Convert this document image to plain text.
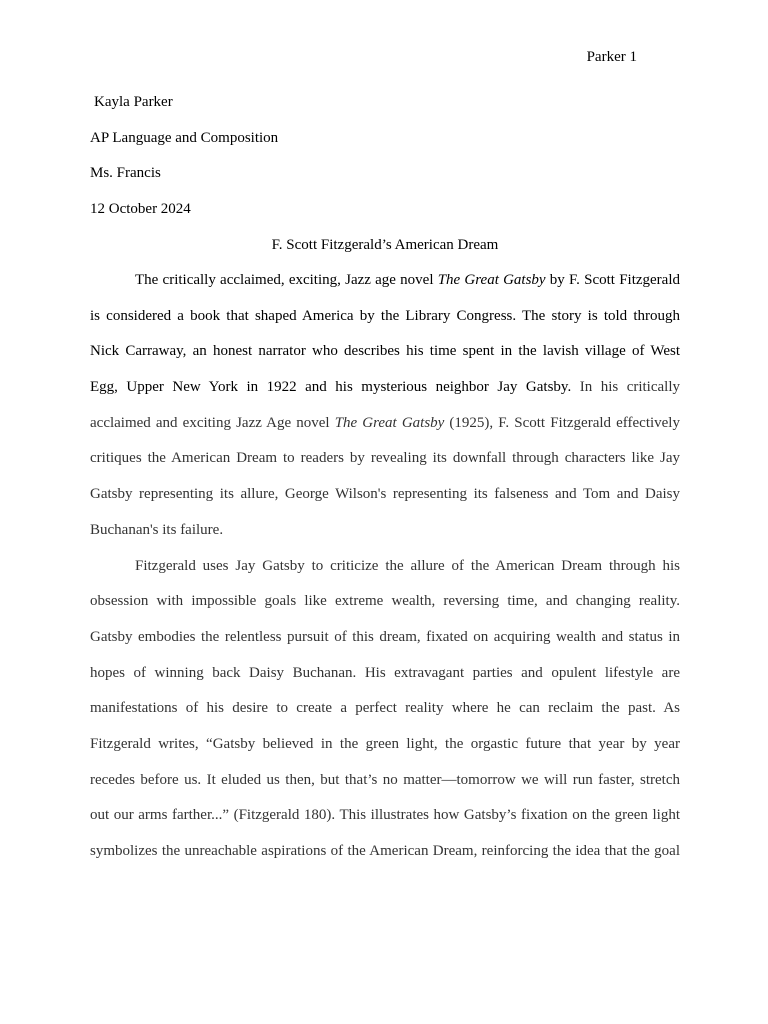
Parker 1
Kayla Parker
AP Language and Composition
Ms. Francis
12 October 2024
F. Scott Fitzgerald’s American Dream
The critically acclaimed, exciting, Jazz age novel The Great Gatsby by F. Scott Fitzgerald
is considered a book that shaped America by the Library Congress. The story is told through
Nick Carraway, an honest narrator who describes his time spent in the lavish village of West
Egg, Upper New York in 1922 and his mysterious neighbor Jay Gatsby. In his critically
acclaimed and exciting Jazz Age novel The Great Gatsby (1925), F. Scott Fitzgerald effectively
critiques the American Dream to readers by revealing its downfall through characters like Jay
Gatsby representing its allure, George Wilson's representing its falseness and Tom and Daisy
Buchanan's its failure.
Fitzgerald uses Jay Gatsby to criticize the allure of the American Dream through his
obsession with impossible goals like extreme wealth, reversing time, and changing reality.
Gatsby embodies the relentless pursuit of this dream, fixated on acquiring wealth and status in
hopes of winning back Daisy Buchanan. His extravagant parties and opulent lifestyle are
manifestations of his desire to create a perfect reality where he can reclaim the past. As
Fitzgerald writes, “Gatsby believed in the green light, the orgastic future that year by year
recedes before us. It eluded us then, but that’s no matter—tomorrow we will run faster, stretch
out our arms farther...” (Fitzgerald 180). This illustrates how Gatsby’s fixation on the green light
symbolizes the unreachable aspirations of the American Dream, reinforcing the idea that the goal
